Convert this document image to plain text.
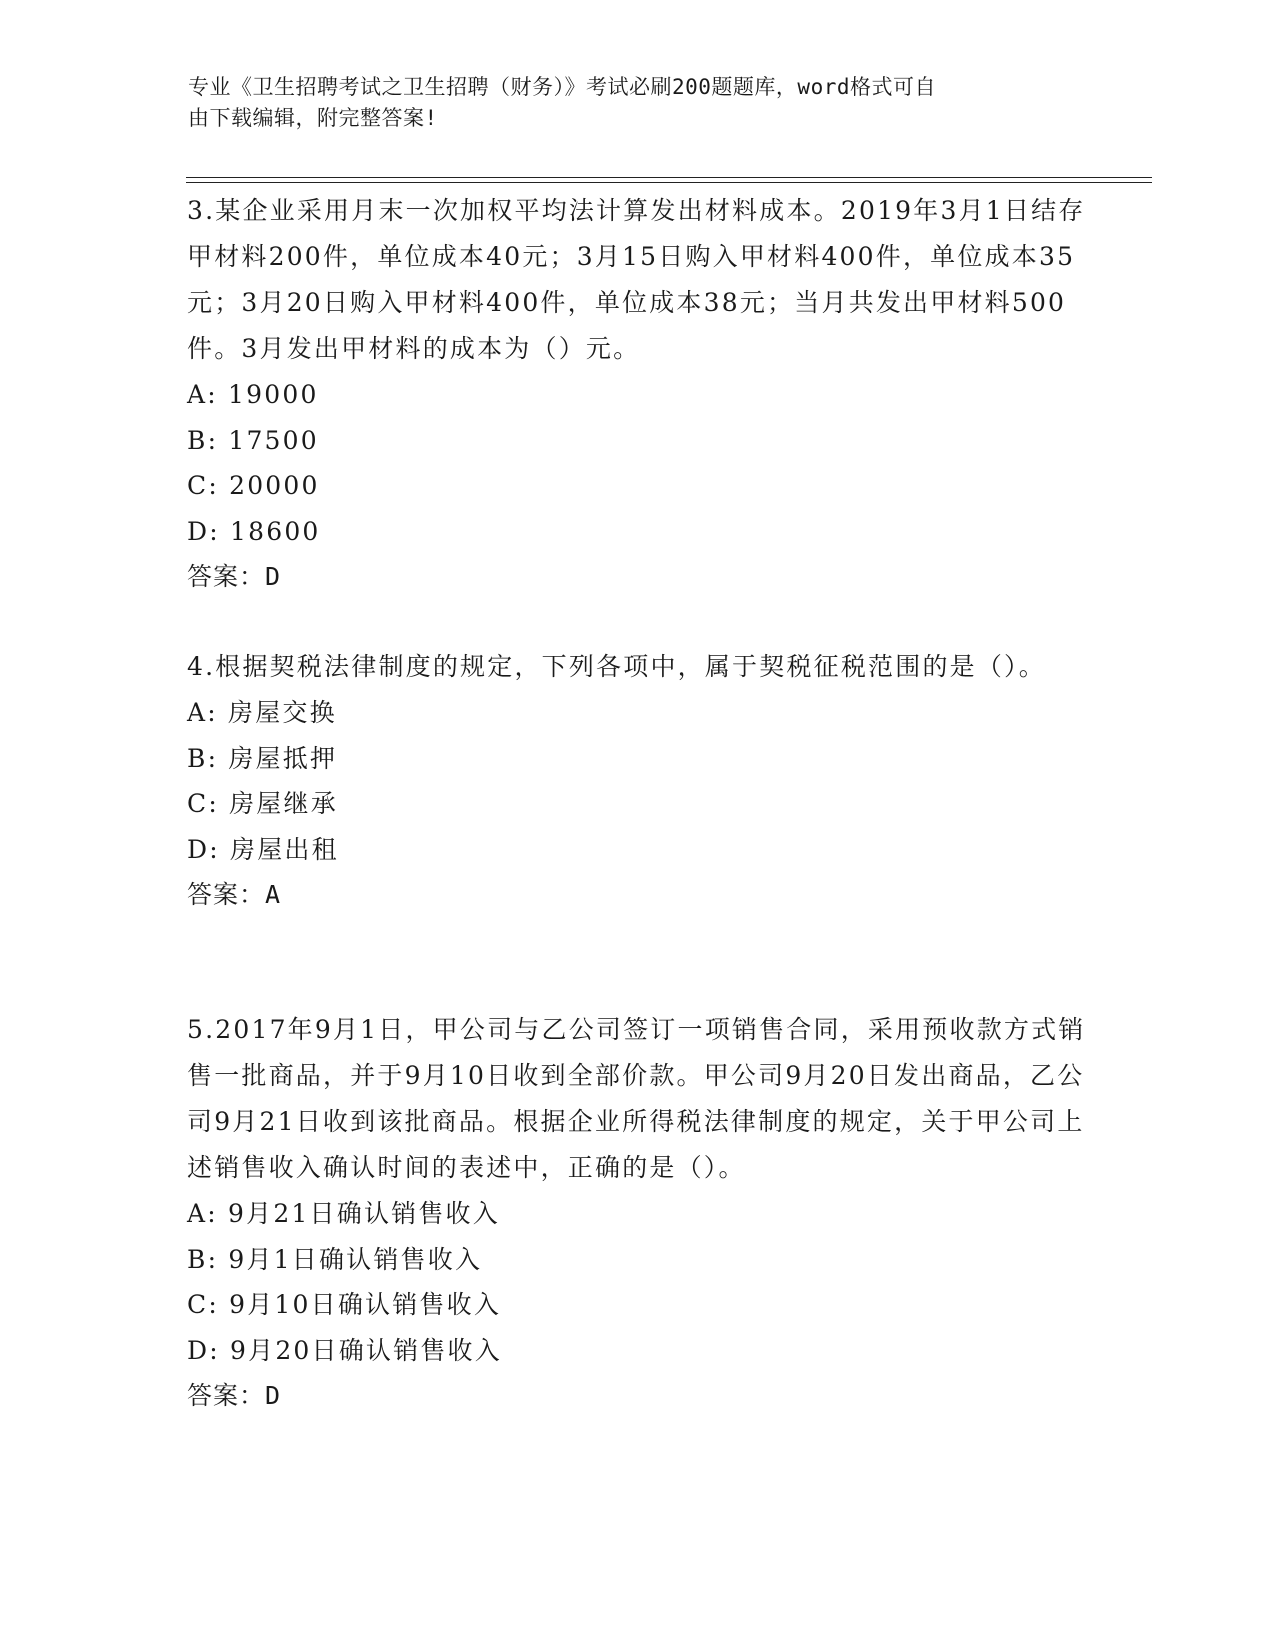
专业《卫生招聘考试之卫生招聘（财务）》考试必刷200题题库，word格式可自
由下载编辑，附完整答案!

3.某企业采用月末一次加权平均法计算发出材料成本。2019年3月1日结存甲材料200件，单位成本40元；3月15日购入甲材料400件，单位成本35元；3月20日购入甲材料400件，单位成本38元；当月共发出甲材料500件。3月发出甲材料的成本为（）元。

A: 19000

B: 17500

C: 20000

D: 18600

答案：D

4.根据契税法律制度的规定，下列各项中，属于契税征税范围的是（）。

A: 房屋交换

B: 房屋抵押

C: 房屋继承

D: 房屋出租

答案：A

5.2017年9月1日，甲公司与乙公司签订一项销售合同，采用预收款方式销售一批商品，并于9月10日收到全部价款。甲公司9月20日发出商品，乙公司9月21日收到该批商品。根据企业所得税法律制度的规定，关于甲公司上述销售收入确认时间的表述中，正确的是（）。

A: 9月21日确认销售收入

B: 9月1日确认销售收入

C: 9月10日确认销售收入

D: 9月20日确认销售收入

答案：D
